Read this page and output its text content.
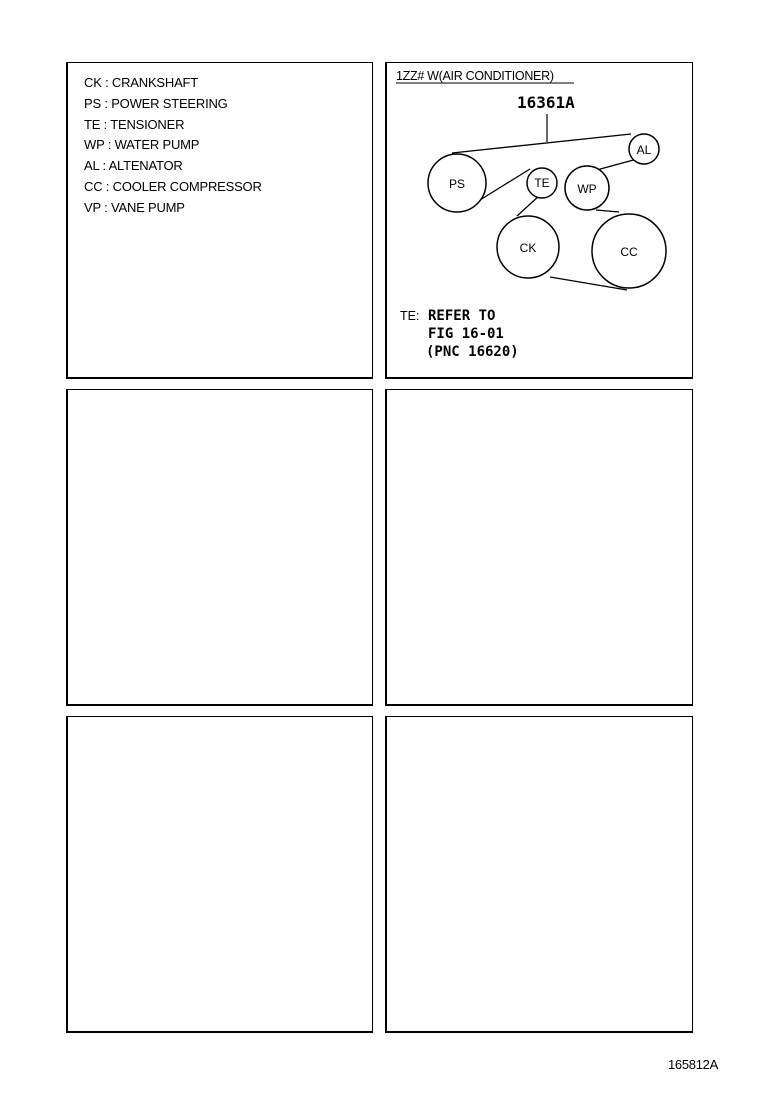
CK : CRANKSHAFT
PS : POWER STEERING
TE : TENSIONER
WP : WATER PUMP
AL : ALTENATOR
CC : COOLER COMPRESSOR
VP : VANE PUMP
1ZZ# W(AIR CONDITIONER)
16361A
PS	TE WP
AL
CK	CC
TE: REFER TO
FIG 16-01
(PNC 16620)
165812A
